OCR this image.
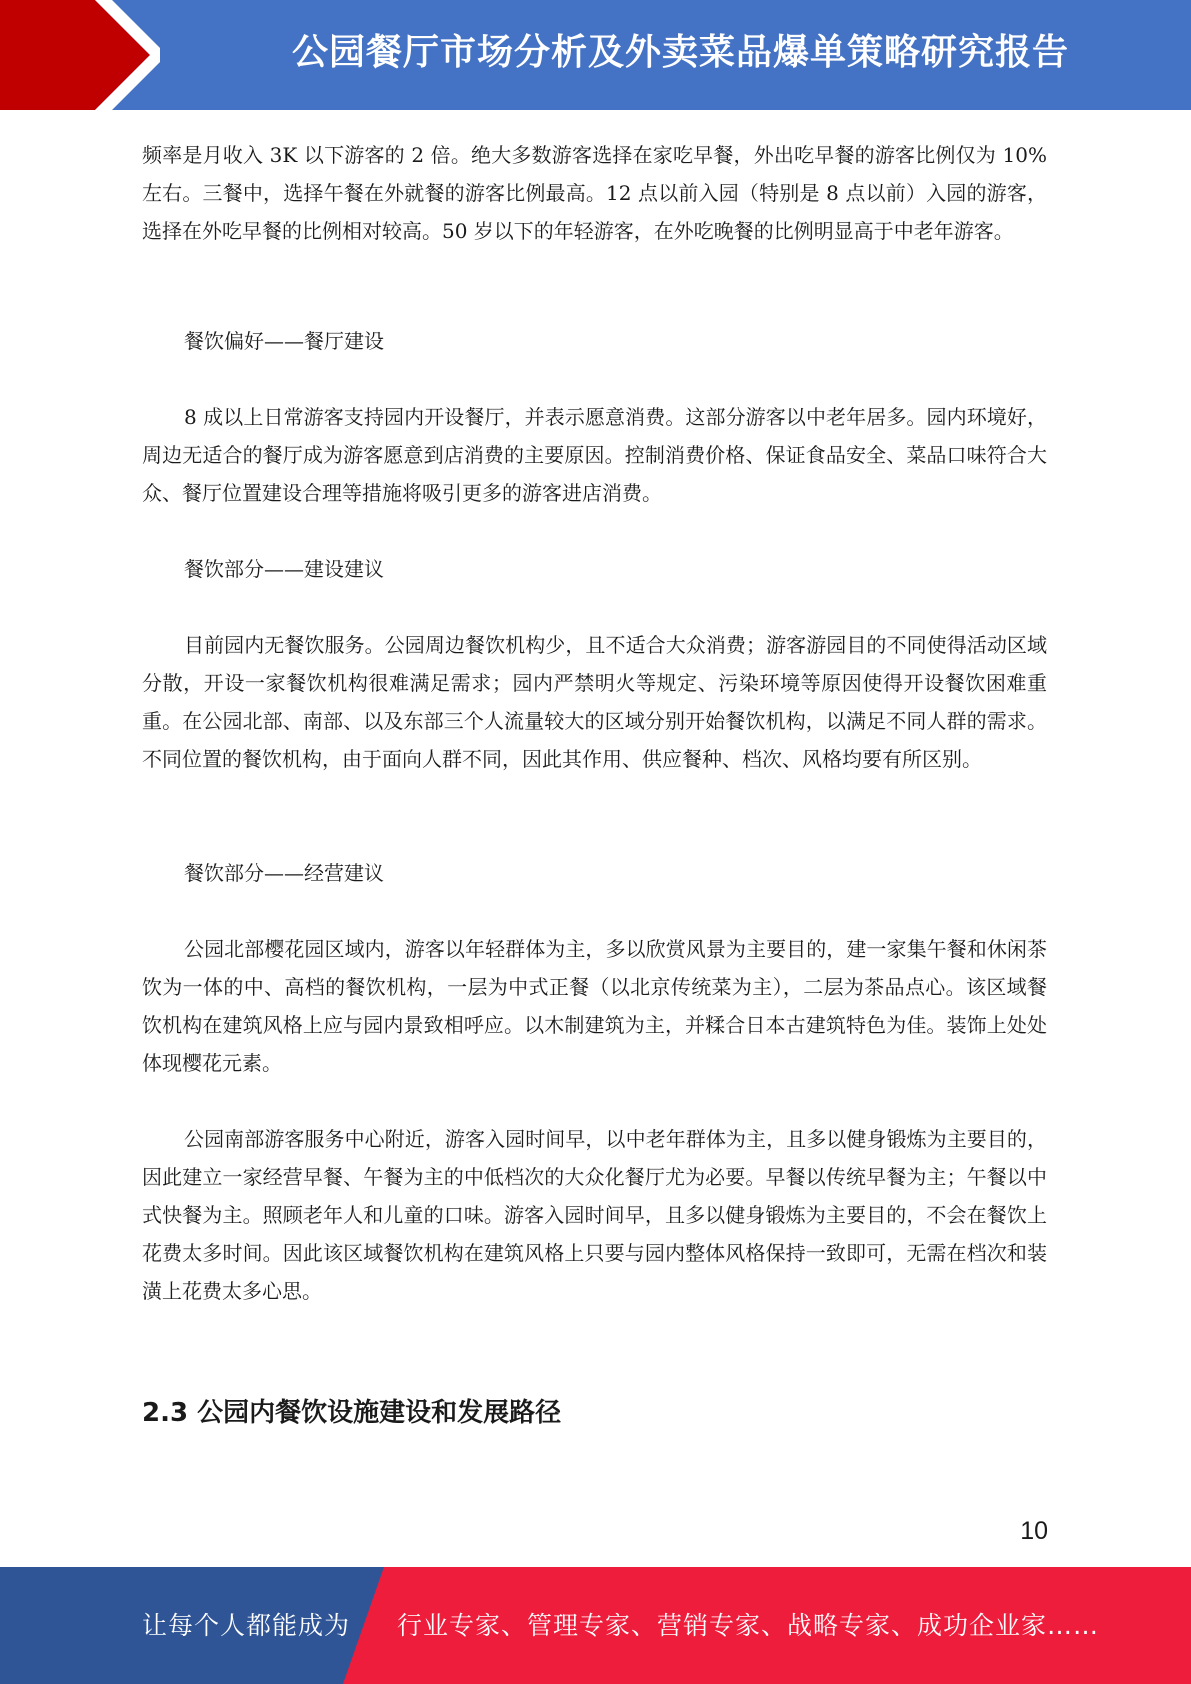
公园餐厅市场分析及外卖菜品爆单策略研究报告

频率是月收入 3K 以下游客的 2 倍。绝大多数游客选择在家吃早餐，外出吃早餐的游客比例仅为 10%左右。三餐中，选择午餐在外就餐的游客比例最高。12 点以前入园（特别是 8 点以前）入园的游客，选择在外吃早餐的比例相对较高。50 岁以下的年轻游客，在外吃晚餐的比例明显高于中老年游客。

餐饮偏好——餐厅建设

8 成以上日常游客支持园内开设餐厅，并表示愿意消费。这部分游客以中老年居多。园内环境好，周边无适合的餐厅成为游客愿意到店消费的主要原因。控制消费价格、保证食品安全、菜品口味符合大众、餐厅位置建设合理等措施将吸引更多的游客进店消费。

餐饮部分——建设建议

目前园内无餐饮服务。公园周边餐饮机构少，且不适合大众消费；游客游园目的不同使得活动区域分散，开设一家餐饮机构很难满足需求；园内严禁明火等规定、污染环境等原因使得开设餐饮困难重重。在公园北部、南部、以及东部三个人流量较大的区域分别开始餐饮机构，以满足不同人群的需求。不同位置的餐饮机构，由于面向人群不同，因此其作用、供应餐种、档次、风格均要有所区别。

餐饮部分——经营建议

公园北部樱花园区域内，游客以年轻群体为主，多以欣赏风景为主要目的，建一家集午餐和休闲茶饮为一体的中、高档的餐饮机构，一层为中式正餐（以北京传统菜为主），二层为茶品点心。该区域餐饮机构在建筑风格上应与园内景致相呼应。以木制建筑为主，并糅合日本古建筑特色为佳。装饰上处处体现樱花元素。

公园南部游客服务中心附近，游客入园时间早，以中老年群体为主，且多以健身锻炼为主要目的，因此建立一家经营早餐、午餐为主的中低档次的大众化餐厅尤为必要。早餐以传统早餐为主；午餐以中式快餐为主。照顾老年人和儿童的口味。游客入园时间早，且多以健身锻炼为主要目的，不会在餐饮上花费太多时间。因此该区域餐饮机构在建筑风格上只要与园内整体风格保持一致即可，无需在档次和装潢上花费太多心思。

2.3 公园内餐饮设施建设和发展路径
10
让每个人都能成为 行业专家、管理专家、营销专家、战略专家、成功企业家……
